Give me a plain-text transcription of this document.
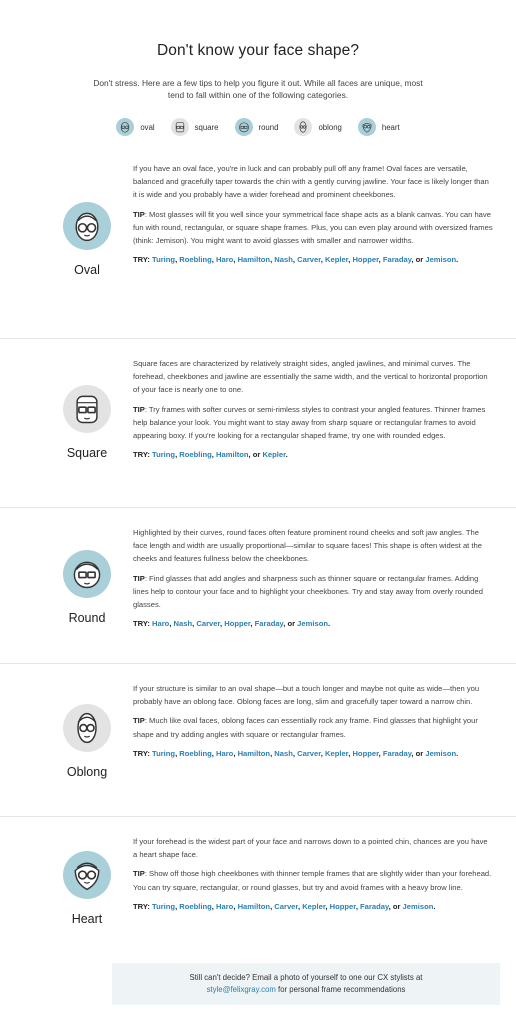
Don't know your face shape?
Don't stress. Here are a few tips to help you figure it out. While all faces are unique, most tend to fall within one of the following categories.
oval	square	round	oblong	heart
Oval

If you have an oval face, you're in luck and can probably pull off any frame! Oval faces are versatile, balanced and gracefully taper towards the chin with a gently curving jawline. Your face is likely longer than it is wide and you probably have a wider forehead and prominent cheekbones.

TIP: Most glasses will fit you well since your symmetrical face shape acts as a blank canvas. You can have fun with round, rectangular, or square shape frames. Plus, you can even play around with oversized frames (think: Jemison). You might want to avoid glasses with smaller and narrower widths.

TRY: Turing, Roebling, Haro, Hamilton, Nash, Carver, Kepler, Hopper, Faraday, or Jemison.

Square

Square faces are characterized by relatively straight sides, angled jawlines, and minimal curves. The forehead, cheekbones and jawline are essentially the same width, and the vertical to horizontal proportion of your face is nearly one to one.

TIP: Try frames with softer curves or semi-rimless styles to contrast your angled features. Thinner frames help balance your look. You might want to stay away from sharp square or rectangular frames to avoid appearing boxy. If you're looking for a rectangular shaped frame, try one with rounded edges.

TRY: Turing, Roebling, Hamilton, or Kepler.

Round

Highlighted by their curves, round faces often feature prominent round cheeks and soft jaw angles. The face length and width are usually proportional—similar to square faces! This shape is often widest at the cheeks and features fullness below the cheekbones.

TIP: Find glasses that add angles and sharpness such as thinner square or rectangular frames. Adding lines help to contour your face and to highlight your cheekbones. Try and stay away from overly rounded glasses.

TRY: Haro, Nash, Carver, Hopper, Faraday, or Jemison.

Oblong

If your structure is similar to an oval shape—but a touch longer and maybe not quite as wide—then you probably have an oblong face. Oblong faces are long, slim and gracefully taper toward a narrow chin.

TIP: Much like oval faces, oblong faces can essentially rock any frame. Find glasses that highlight your shape and try adding angles with square or rectangular frames.

TRY: Turing, Roebling, Haro, Hamilton, Nash, Carver, Kepler, Hopper, Faraday, or Jemison.

Heart

If your forehead is the widest part of your face and narrows down to a pointed chin, chances are you have a heart shape face.

TIP: Show off those high cheekbones with thinner temple frames that are slightly wider than your forehead. You can try square, rectangular, or round glasses, but try and avoid frames with a heavy brow line.

TRY: Turing, Roebling, Haro, Hamilton, Carver, Kepler, Hopper, Faraday, or Jemison.

Still can't decide? Email a photo of yourself to one our CX stylists at
style@felixgray.com for personal frame recommendations
